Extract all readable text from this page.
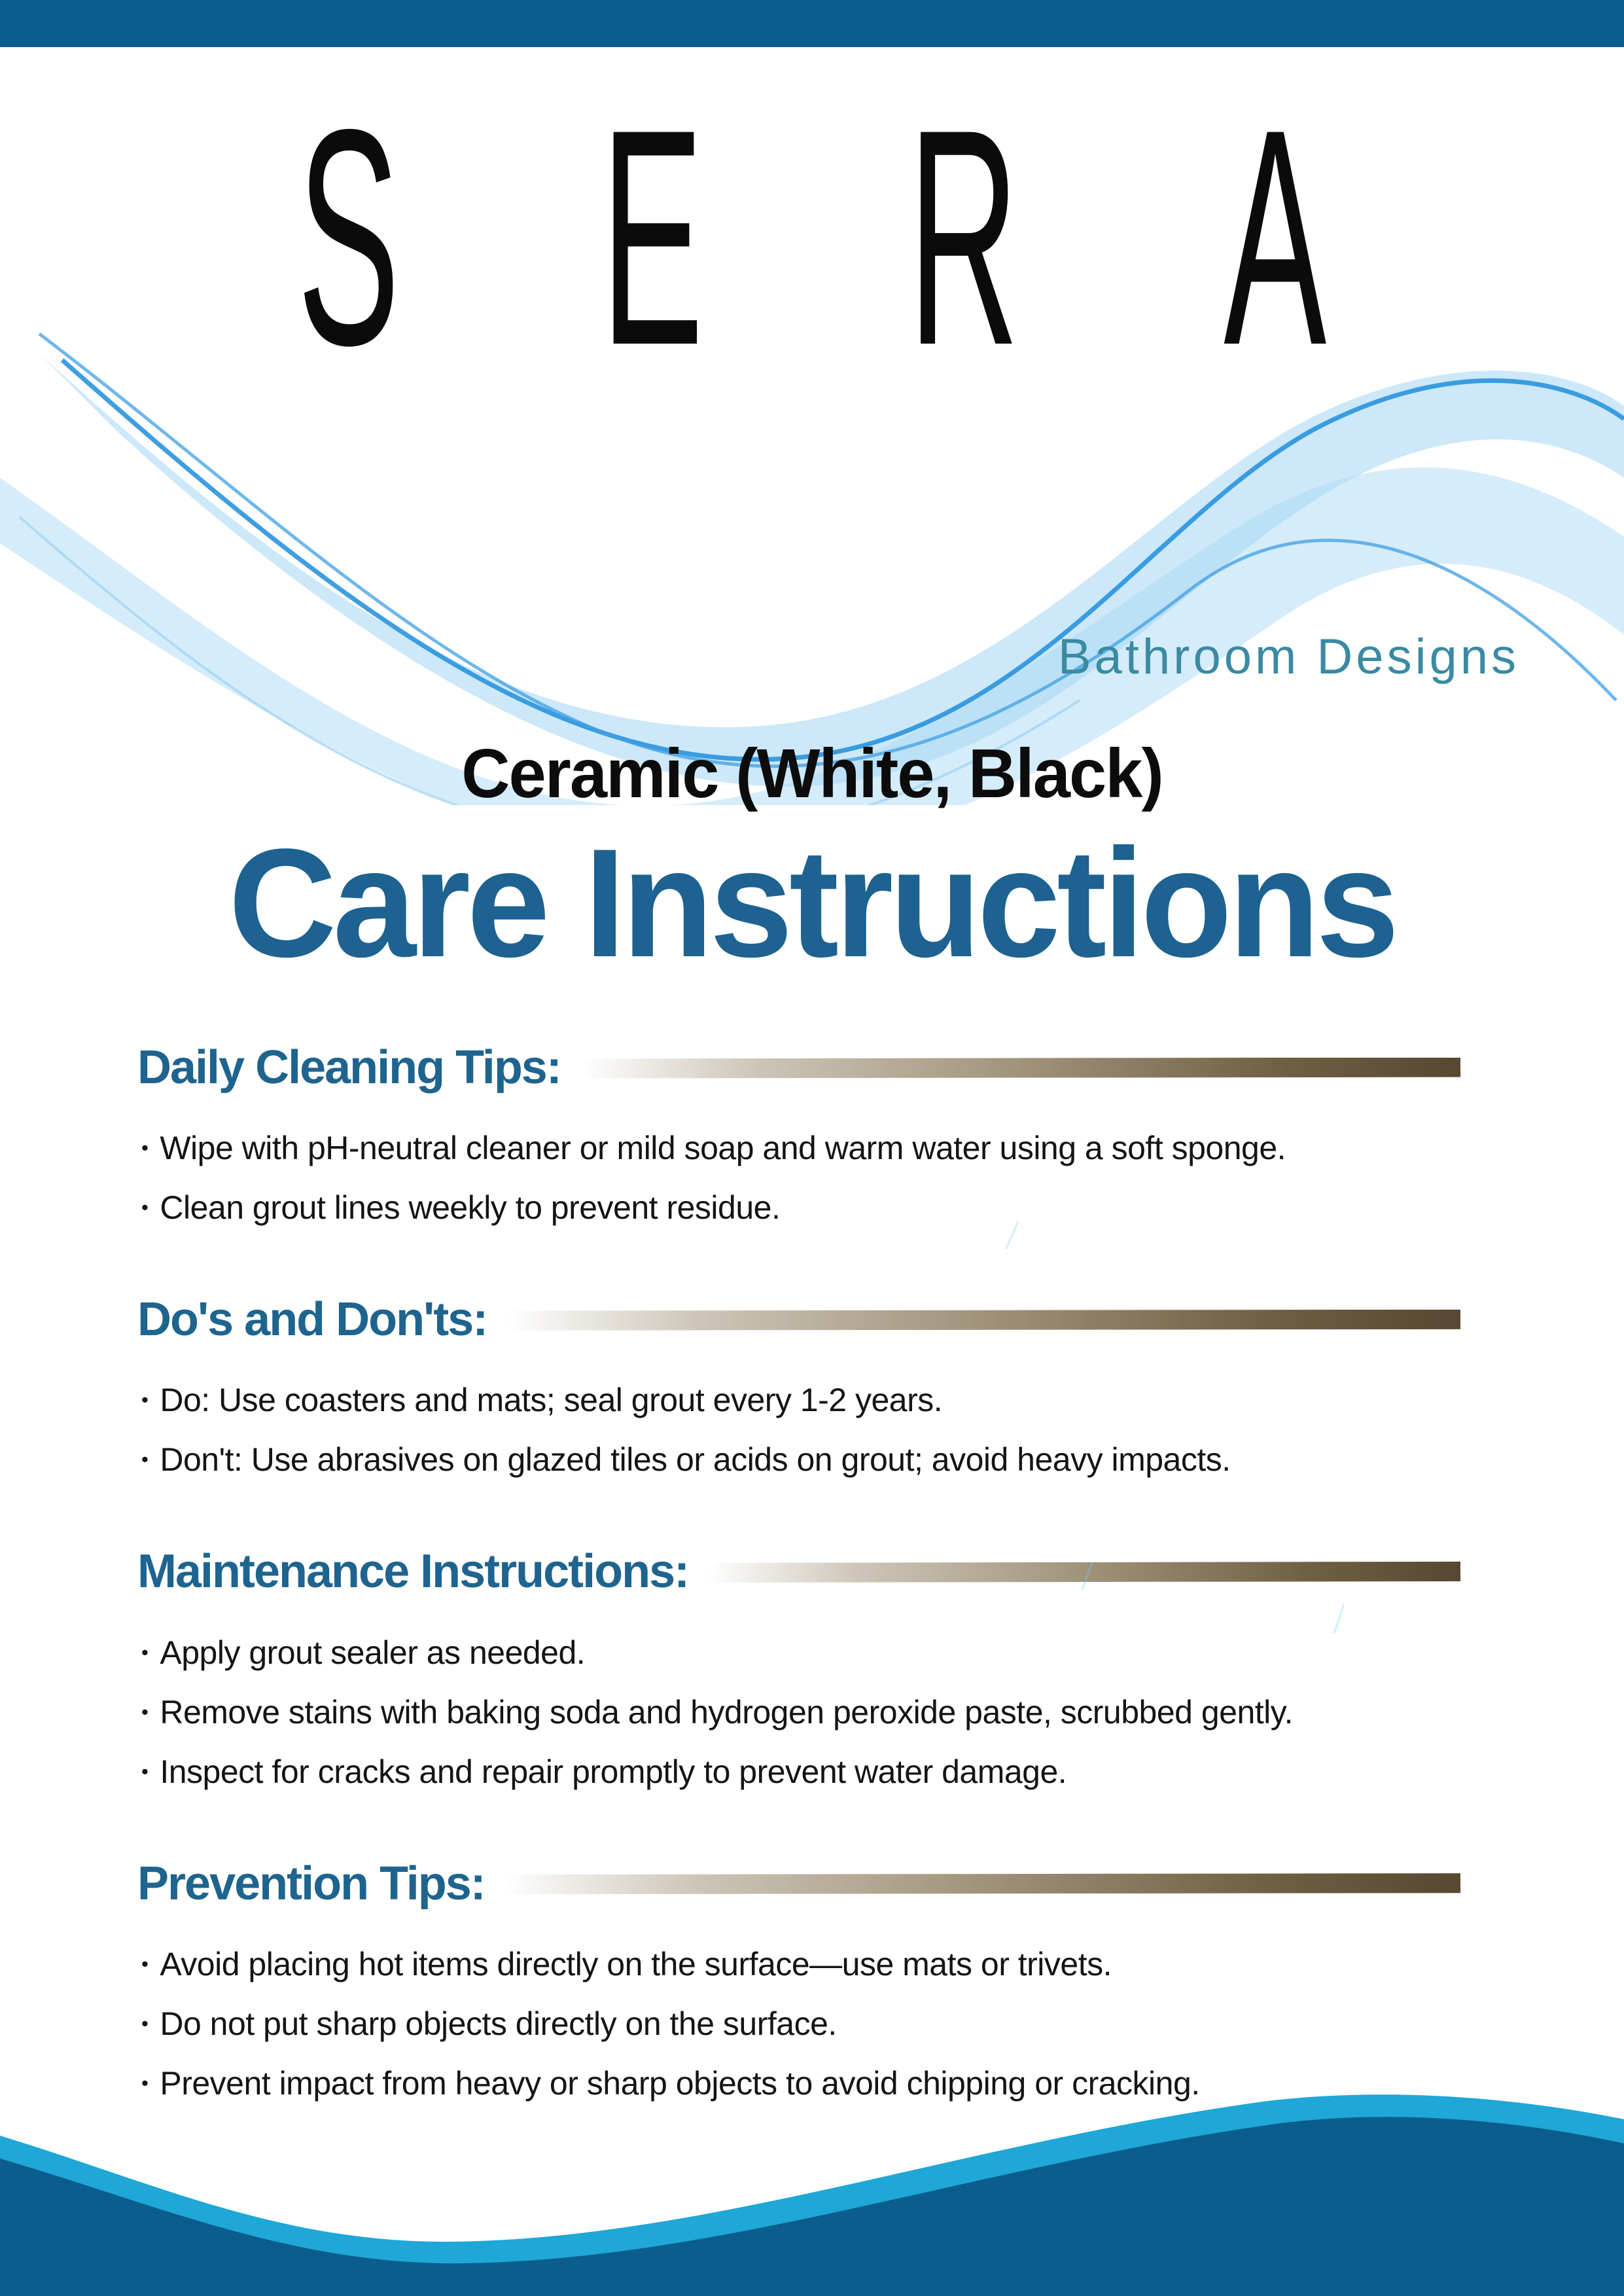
S E R A
Bathroom Designs
Ceramic (White, Black)
Care Instructions
Daily Cleaning Tips:
• Wipe with pH-neutral cleaner or mild soap and warm water using a soft sponge.
• Clean grout lines weekly to prevent residue.
Do's and Don'ts:
• Do: Use coasters and mats; seal grout every 1-2 years.
• Don't: Use abrasives on glazed tiles or acids on grout; avoid heavy impacts.
Maintenance Instructions:
• Apply grout sealer as needed.
• Remove stains with baking soda and hydrogen peroxide paste, scrubbed gently.
• Inspect for cracks and repair promptly to prevent water damage.
Prevention Tips:
• Avoid placing hot items directly on the surface—use mats or trivets.
• Do not put sharp objects directly on the surface.
• Prevent impact from heavy or sharp objects to avoid chipping or cracking.
